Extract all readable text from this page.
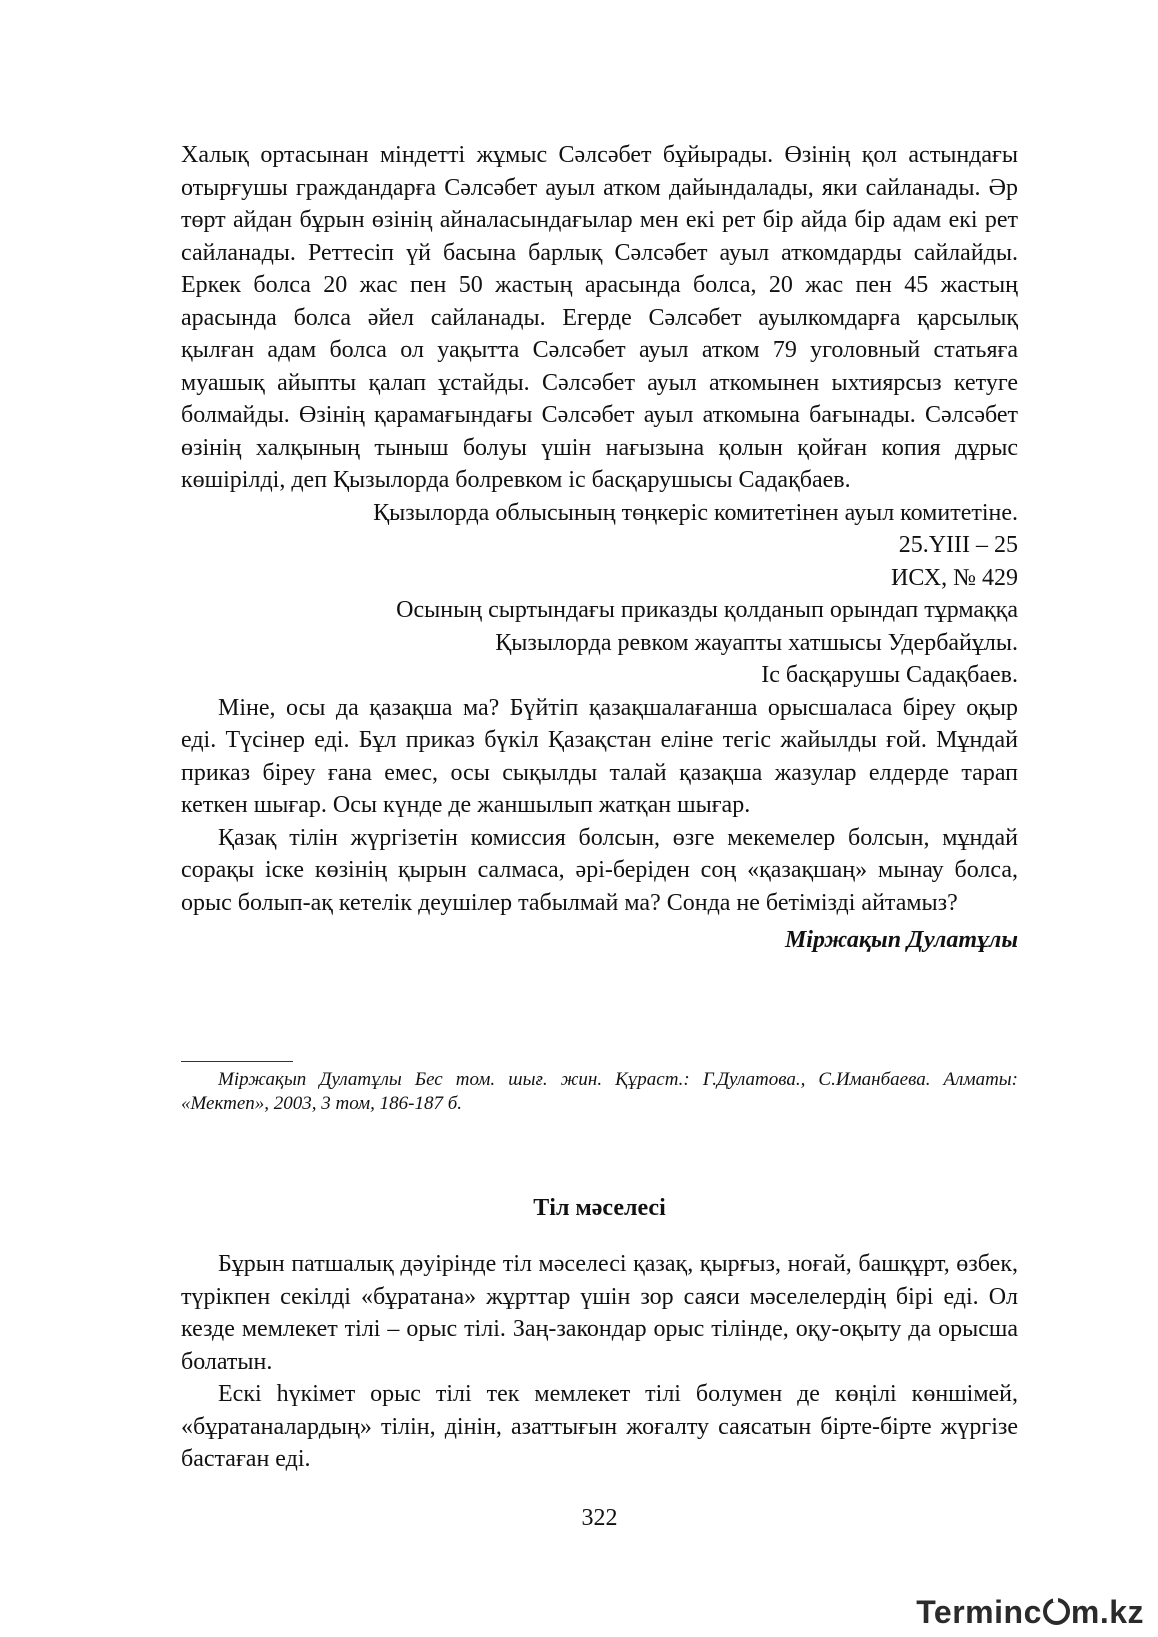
Халық ортасынан міндетті жұмыс Сәлсәбет бұйырады. Өзінің қол астындағы отырғушы граждандарға Сәлсәбет ауыл атком дайындалады, яки сайланады. Әр төрт айдан бұрын өзінің айналасындағылар мен екі рет бір айда бір адам екі рет сайланады. Реттесіп үй басына барлық Сәлсәбет ауыл аткомдарды сайлайды. Еркек болса 20 жас пен 50 жастың арасында болса, 20 жас пен 45 жастың арасында болса әйел сайланады. Егерде Сәлсәбет ауылкомдарға қарсылық қылған адам болса ол уақытта Сәлсәбет ауыл атком 79 уголовный статьяға муашық айыпты қалап ұстайды. Сәлсәбет ауыл аткомынен ыхтиярсыз кетуге болмайды. Өзінің қарамағындағы Сәлсәбет ауыл аткомына бағынады. Сәлсәбет өзінің халқының тыныш болуы үшін нағызына қолын қойған копия дұрыс көшірілді, деп Қызылорда болревком іс басқарушысы Садақбаев.

Қызылорда облысының төңкеріс комитетінен ауыл комитетіне.

25.ҮІІІ – 25

ИСХ, № 429

Осының сыртындағы приказды қолданып орындап тұрмаққа

Қызылорда ревком жауапты хатшысы Удербайұлы.

Іс басқарушы Садақбаев.

Міне, осы да қазақша ма? Бүйтіп қазақшалағанша орысшаласа біреу оқыр еді. Түсінер еді. Бұл приказ бүкіл Қазақстан еліне тегіс жайылды ғой. Мұндай приказ біреу ғана емес, осы сықылды талай қазақша жазулар елдерде тарап кеткен шығар. Осы күнде де жаншылып жатқан шығар.

Қазақ тілін жүргізетін комиссия болсын, өзге мекемелер болсын, мұндай сорақы іске көзінің қырын салмаса, әрі-беріден соң «қазақшаң» мынау болса, орыс болып-ақ кетелік деушілер табылмай ма? Сонда не бетімізді айтамыз?

Міржақып Дулатұлы

Міржақып Дулатұлы Бес том. шығ. жин. Құраст.: Г.Дулатова., С.Иманбаева. Алматы: «Мектеп», 2003, 3 том, 186-187 б.

Тіл мәселесі

Бұрын патшалық дәуірінде тіл мәселесі қазақ, қырғыз, ноғай, башқұрт, өзбек, түрікпен секілді «бұратана» жұрттар үшін зор саяси мәселелердің бірі еді. Ол кезде мемлекет тілі – орыс тілі. Заң-закондар орыс тілінде, оқу-оқыту да орысша болатын.

Ескі һүкімет орыс тілі тек мемлекет тілі болумен де көңілі көншімей, «бұратаналардың» тілін, дінін, азаттығын жоғалту саясатын бірте-бірте жүргізе бастаған еді.

322
Terminc m.kz
